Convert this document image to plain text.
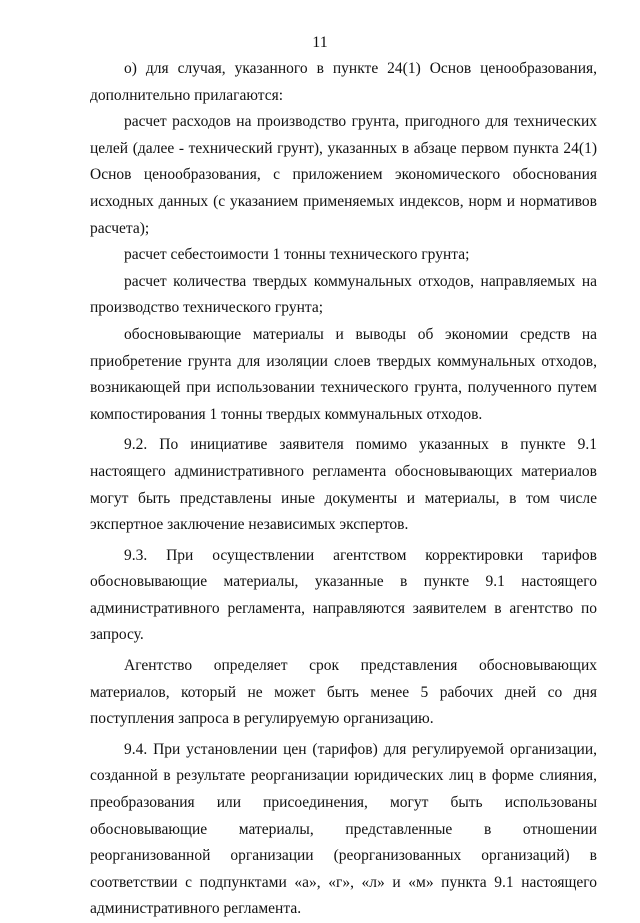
11

о) для случая, указанного в пункте 24(1) Основ ценообразования, дополнительно прилагаются:

расчет расходов на производство грунта, пригодного для технических целей (далее - технический грунт), указанных в абзаце первом пункта 24(1) Основ ценообразования, с приложением экономического обоснования исходных данных (с указанием применяемых индексов, норм и нормативов расчета);

расчет себестоимости 1 тонны технического грунта;

расчет количества твердых коммунальных отходов, направляемых на производство технического грунта;

обосновывающие материалы и выводы об экономии средств на приобретение грунта для изоляции слоев твердых коммунальных отходов, возникающей при использовании технического грунта, полученного путем компостирования 1 тонны твердых коммунальных отходов.

9.2. По инициативе заявителя помимо указанных в пункте 9.1 настоящего административного регламента обосновывающих материалов могут быть представлены иные документы и материалы, в том числе экспертное заключение независимых экспертов.

9.3. При осуществлении агентством корректировки тарифов обосновывающие материалы, указанные в пункте 9.1 настоящего административного регламента, направляются заявителем в агентство по запросу.

Агентство определяет срок представления обосновывающих материалов, который не может быть менее 5 рабочих дней со дня поступления запроса в регулируемую организацию.

9.4. При установлении цен (тарифов) для регулируемой организации, созданной в результате реорганизации юридических лиц в форме слияния, преобразования или присоединения, могут быть использованы обосновывающие материалы, представленные в отношении реорганизованной организации (реорганизованных организаций) в соответствии с подпунктами «а», «г», «л» и «м» пункта 9.1 настоящего административного регламента.
